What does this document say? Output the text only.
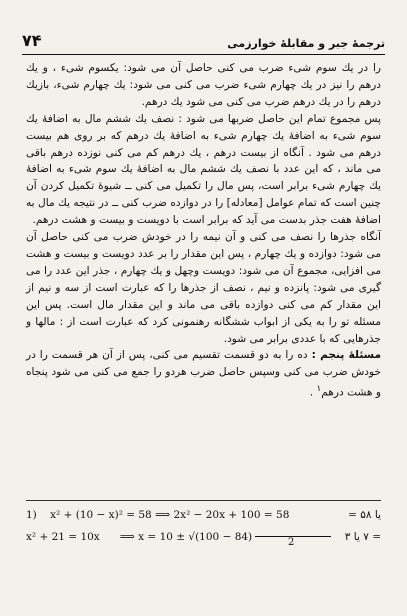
۷۴	ترجمهٔ جبر و مقابلهٔ خوارزمی

را در یك سوم شیء ضرب می کنی حاصل آن می شود: یكسوم شیء ، و یك درهم را نیز در یك چهارم شیء ضرب می کنی می شود: یك چهارم شیء، بازیك درهم را در یك درهم ضرب می کنی می شود یك درهم.

پس مجموع تمام این حاصل ضربها می شود : نصف یك ششم مال به اضافهٔ یك سوم شیء به اضافهٔ یك چهارم شیء به اضافهٔ یك درهم که بر روی هم بیست درهم می شود . آنگاه از بیست درهم ، یك درهم کم می کنی نوزده درهم باقی می ماند ، که این عدد با نصف یك ششم مال به اضافهٔ یك سوم شیء به اضافهٔ یك چهارم شیء برابر است، پس مال را تكمیل می کنی ــ شیوهٔ تكمیل کردن آن چنین است که تمام عوامل [معادله] را در دوازده ضرب کنی ــ در نتیجه یك مال به اضافهٔ هفت جذر بدست می آید که برابر است با دویست و بیست و هشت درهم.

آنگاه جذرها را نصف می کنی و آن نیمه را در خودش ضرب می کنی حاصل آن می شود: دوازده و یك چهارم ، پس این مقدار را بر عدد دویست و بیست و هشت می افزایی، مجموع آن می شود: دویست وچهل و یك چهارم ، جذر این عدد را می گیری می شود: پانزده و نیم ، نصف از جذرها را که عبارت است از سه و نیم از این مقدار کم می کنی دوازده باقی می ماند و این مقدار مال است. پس این مسئله تو را به یکی از ابواب ششگانه رهنمونی کرد که عبارت است از : مالها و جذرهایی که با عددی برابر می شود.

مسئلهٔ پنجم : ده را به دو قسمت تقسیم می کنی، پس از آن هر قسمت را در خودش ضرب می کنی وسپس حاصل ضرب هردو را جمع می کنی می شود پنجاه و هشت درهم$^۱$ .

1) x² + (10 − x)² = 58 ⟹ 2x² − 20x + 100 = 58	یا ۵۸ =
x² + 21 = 10x ⟹ x = 10 ± √(100 − 84)	= ۷ یا ۳
2
